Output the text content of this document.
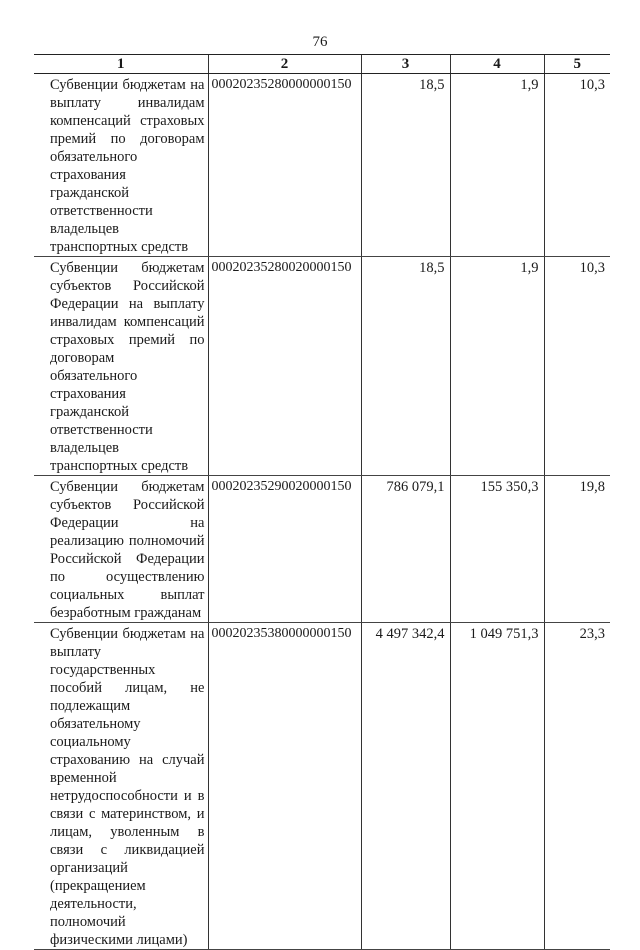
76
1	2	3	4	5

Субвенции бюджетам на выплату инвалидам компенсаций страховых премий по договорам обязательного страхования гражданской ответственности владельцев транспортных средств	00020235280000000150	18,5	1,9	10,3

Субвенции бюджетам субъектов Российской Федерации на выплату инвалидам компенсаций страховых премий по договорам обязательного страхования гражданской ответственности владельцев транспортных средств	00020235280020000150	18,5	1,9	10,3

Субвенции бюджетам субъектов Российской Федерации на реализацию полномочий Российской Федерации по осуществлению социальных выплат безработным гражданам	00020235290020000150	786 079,1	155 350,3	19,8

Субвенции бюджетам на выплату государственных пособий лицам, не подлежащим обязательному социальному страхованию на случай временной нетрудоспособности и в связи с материнством, и лицам, уволенным в связи с ликвидацией организаций (прекращением деятельности, полномочий физическими лицами)	00020235380000000150	4 497 342,4	1 049 751,3	23,3
